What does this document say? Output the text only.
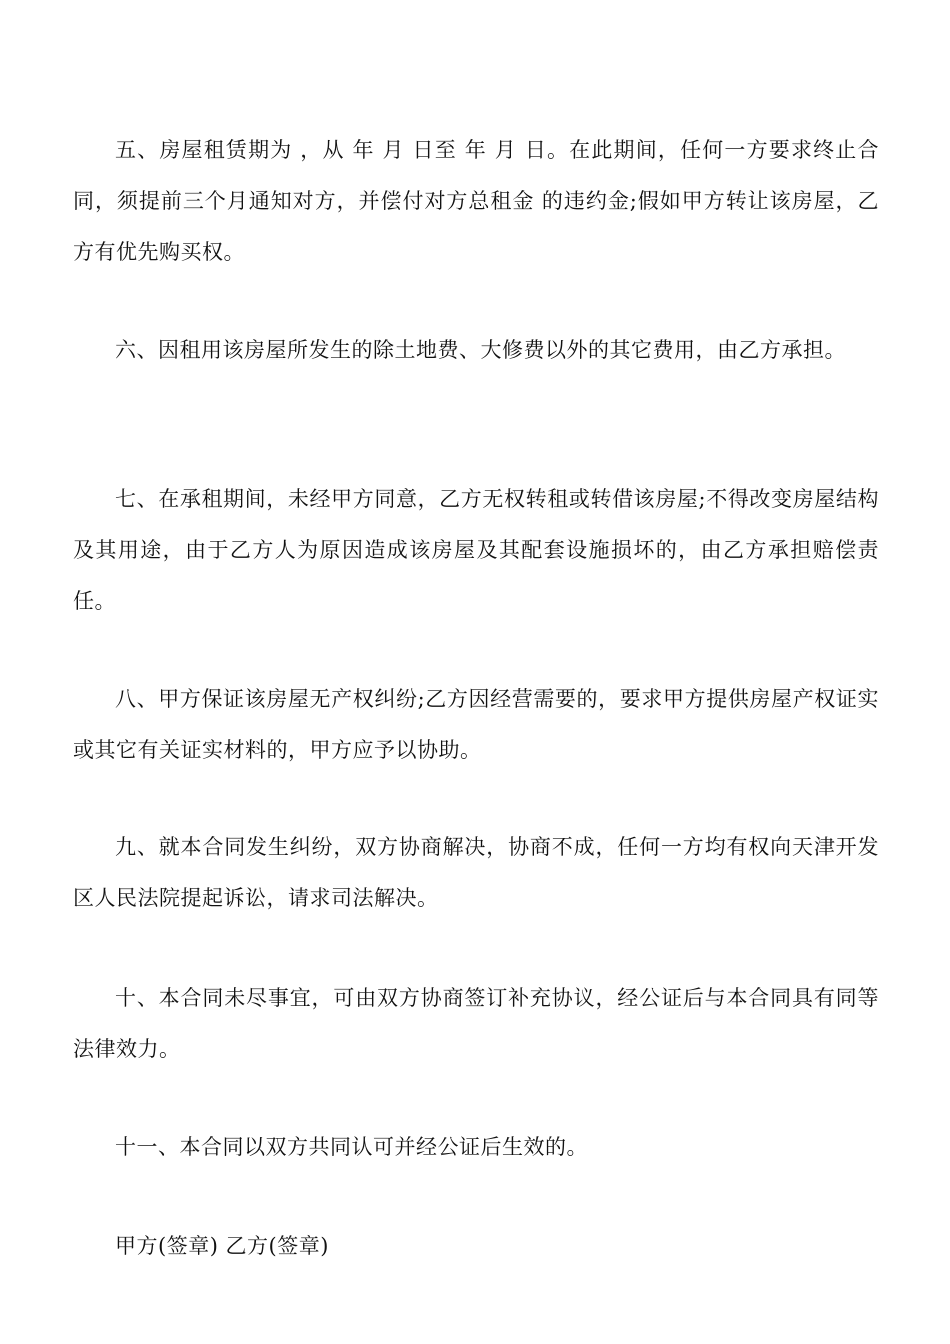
五、房屋租赁期为 ，从 年 月 日至 年 月 日。在此期间，任何一方要求终止合同，须提前三个月通知对方，并偿付对方总租金 的违约金;假如甲方转让该房屋，乙方有优先购买权。

六、因租用该房屋所发生的除土地费、大修费以外的其它费用，由乙方承担。

七、在承租期间，未经甲方同意，乙方无权转租或转借该房屋;不得改变房屋结构及其用途，由于乙方人为原因造成该房屋及其配套设施损坏的，由乙方承担赔偿责任。

八、甲方保证该房屋无产权纠纷;乙方因经营需要的，要求甲方提供房屋产权证实或其它有关证实材料的，甲方应予以协助。

九、就本合同发生纠纷，双方协商解决，协商不成，任何一方均有权向天津开发区人民法院提起诉讼，请求司法解决。

十、本合同未尽事宜，可由双方协商签订补充协议，经公证后与本合同具有同等法律效力。

十一、本合同以双方共同认可并经公证后生效的。

甲方(签章) 乙方(签章)
